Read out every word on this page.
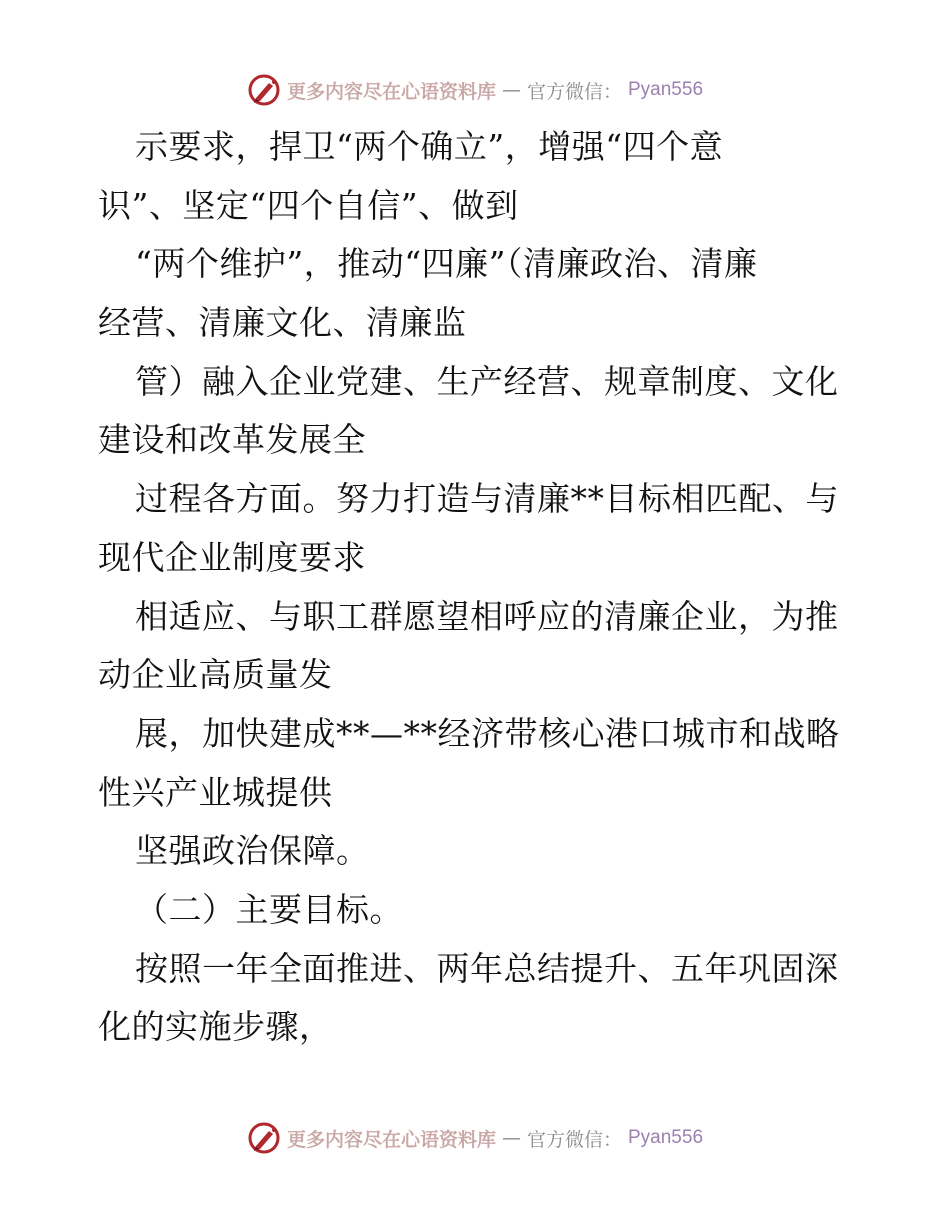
更多内容尽在心语资料库 — 官方微信： Pyan556
示要求，捍卫“两个确立”，增强“四个意
识”、坚定“四个自信”、做到
“两个维护”，推动“四廉”（清廉政治、清廉
经营、清廉文化、清廉监
管）融入企业党建、生产经营、规章制度、文化
建设和改革发展全
过程各方面。努力打造与清廉**目标相匹配、与
现代企业制度要求
相适应、与职工群愿望相呼应的清廉企业，为推
动企业高质量发
展，加快建成**—**经济带核心港口城市和战略
性兴产业城提供
坚强政治保障。
（二）主要目标。
按照一年全面推进、两年总结提升、五年巩固深
化的实施步骤，
更多内容尽在心语资料库 — 官方微信： Pyan556
